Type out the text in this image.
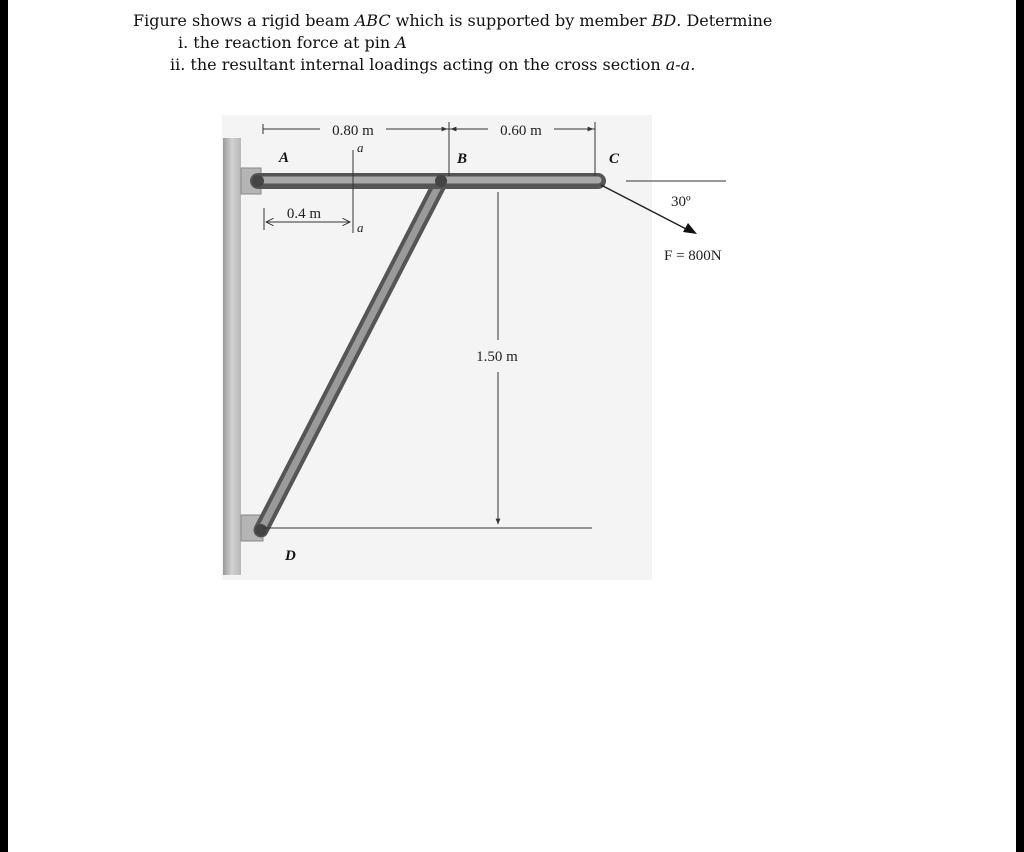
Figure shows a rigid beam ABC which is supported by member BD. Determine
i. the reaction force at pin A
ii. the resultant internal loadings acting on the cross section a-a.
0.80 m	0.60 m
A	B	C
D
a
a
0.4 m
1.50 m
30º
F = 800N
